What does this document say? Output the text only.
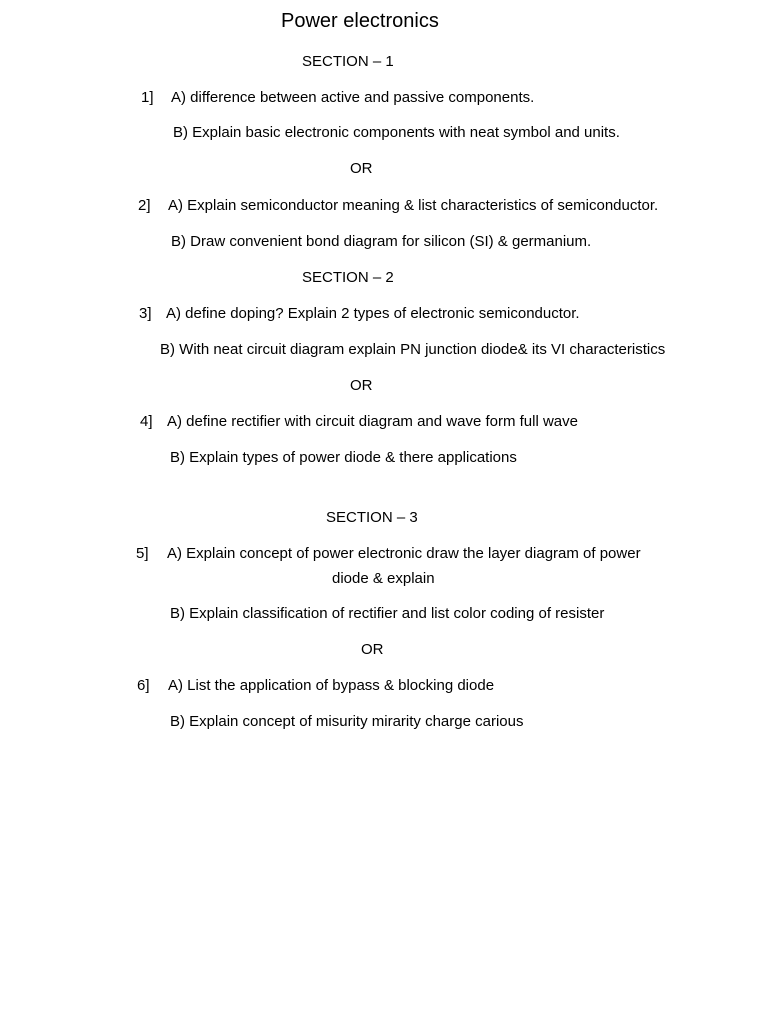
Power electronics
SECTION – 1
1] A) difference between active and passive components.
B) Explain basic electronic components with neat symbol and units.
OR
2] A) Explain semiconductor meaning & list characteristics of semiconductor.
B) Draw convenient bond diagram for silicon (SI) & germanium.
SECTION – 2
3] A) define doping? Explain 2 types of electronic semiconductor.
B) With neat circuit diagram explain PN junction diode& its VI characteristics
OR
4] A) define rectifier with circuit diagram and wave form full wave
B) Explain types of power diode & there applications
SECTION – 3
5] A) Explain concept of power electronic draw the layer diagram of power
diode & explain
B) Explain classification of rectifier and list color coding of resister
OR
6] A) List the application of bypass & blocking diode
B) Explain concept of misurity mirarity charge carious
